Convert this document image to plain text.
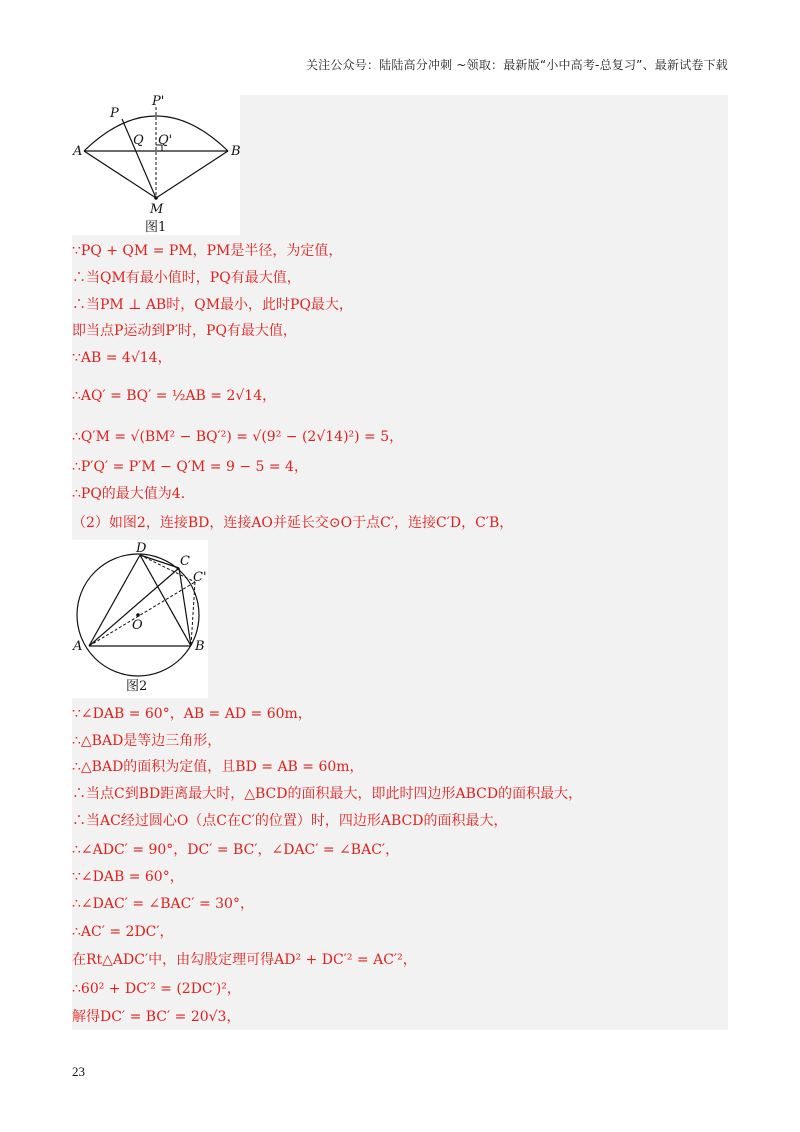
关注公众号：陆陆高分冲刺 ~领取：最新版“小中高考-总复习”、最新试卷下载
P
P'
Q Q'
A	B
M
图1
∵PQ + QM = PM，PM是半径，为定值，
∴当QM有最小值时，PQ有最大值，
∴当PM ⊥ AB时，QM最小，此时PQ最大，
即当点P运动到P′时，PQ有最大值，
∵AB = 4√14，
∴AQ′ = BQ′ = ½AB = 2√14，
∴Q′M = √(BM² − BQ′²) = √(9² − (2√14)²) = 5，
∴P′Q′ = P′M − Q′M = 9 − 5 = 4，
∴PQ的最大值为4．
（2）如图2，连接BD，连接AO并延长交⊙O于点C′，连接C′D，C′B，
D
C
C'
O
A	B
图2
∵∠DAB = 60°，AB = AD = 60m，
∴△BAD是等边三角形，
∴△BAD的面积为定值，且BD = AB = 60m，
∴当点C到BD距离最大时，△BCD的面积最大，即此时四边形ABCD的面积最大，
∴当AC经过圆心O（点C在C′的位置）时，四边形ABCD的面积最大，
∴∠ADC′ = 90°，DC′ = BC′，∠DAC′ = ∠BAC′，
∵∠DAB = 60°，
∴∠DAC′ = ∠BAC′ = 30°，
∴AC′ = 2DC′，
在Rt△ADC′中，由勾股定理可得AD² + DC′² = AC′²，
∴60² + DC′² = (2DC′)²，
解得DC′ = BC′ = 20√3，
23
